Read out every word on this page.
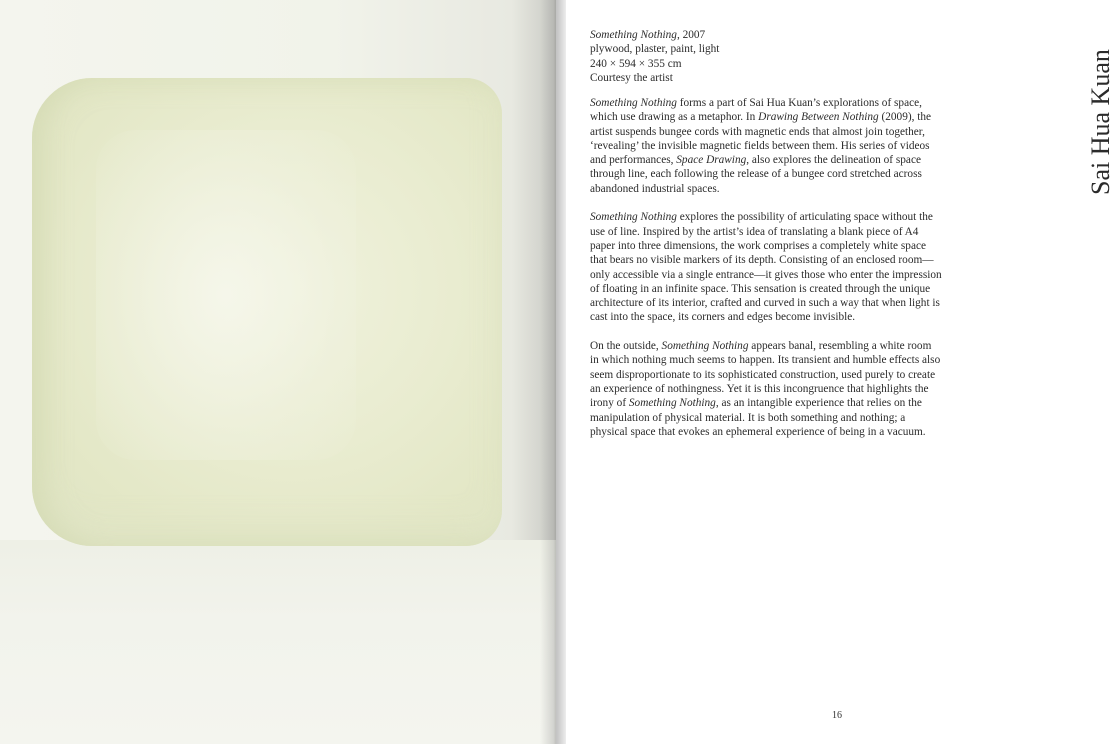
Something Nothing, 2007
plywood, plaster, paint, light
240 × 594 × 355 cm
Courtesy the artist

Something Nothing forms a part of Sai Hua Kuan’s explorations of space,
which use drawing as a metaphor. In Drawing Between Nothing (2009), the
artist suspends bungee cords with magnetic ends that almost join together,
‘revealing’ the invisible magnetic fields between them. His series of videos
and performances, Space Drawing, also explores the delineation of space
through line, each following the release of a bungee cord stretched across
abandoned industrial spaces.

Something Nothing explores the possibility of articulating space without the
use of line. Inspired by the artist’s idea of translating a blank piece of A4
paper into three dimensions, the work comprises a completely white space
that bears no visible markers of its depth. Consisting of an enclosed room—
only accessible via a single entrance—it gives those who enter the impression
of floating in an infinite space. This sensation is created through the unique
architecture of its interior, crafted and curved in such a way that when light is
cast into the space, its corners and edges become invisible.

On the outside, Something Nothing appears banal, resembling a white room
in which nothing much seems to happen. Its transient and humble effects also
seem disproportionate to its sophisticated construction, used purely to create
an experience of nothingness. Yet it is this incongruence that highlights the
irony of Something Nothing, as an intangible experience that relies on the
manipulation of physical material. It is both something and nothing; a
physical space that evokes an ephemeral experience of being in a vacuum.

Sai Hua Kuan
16
